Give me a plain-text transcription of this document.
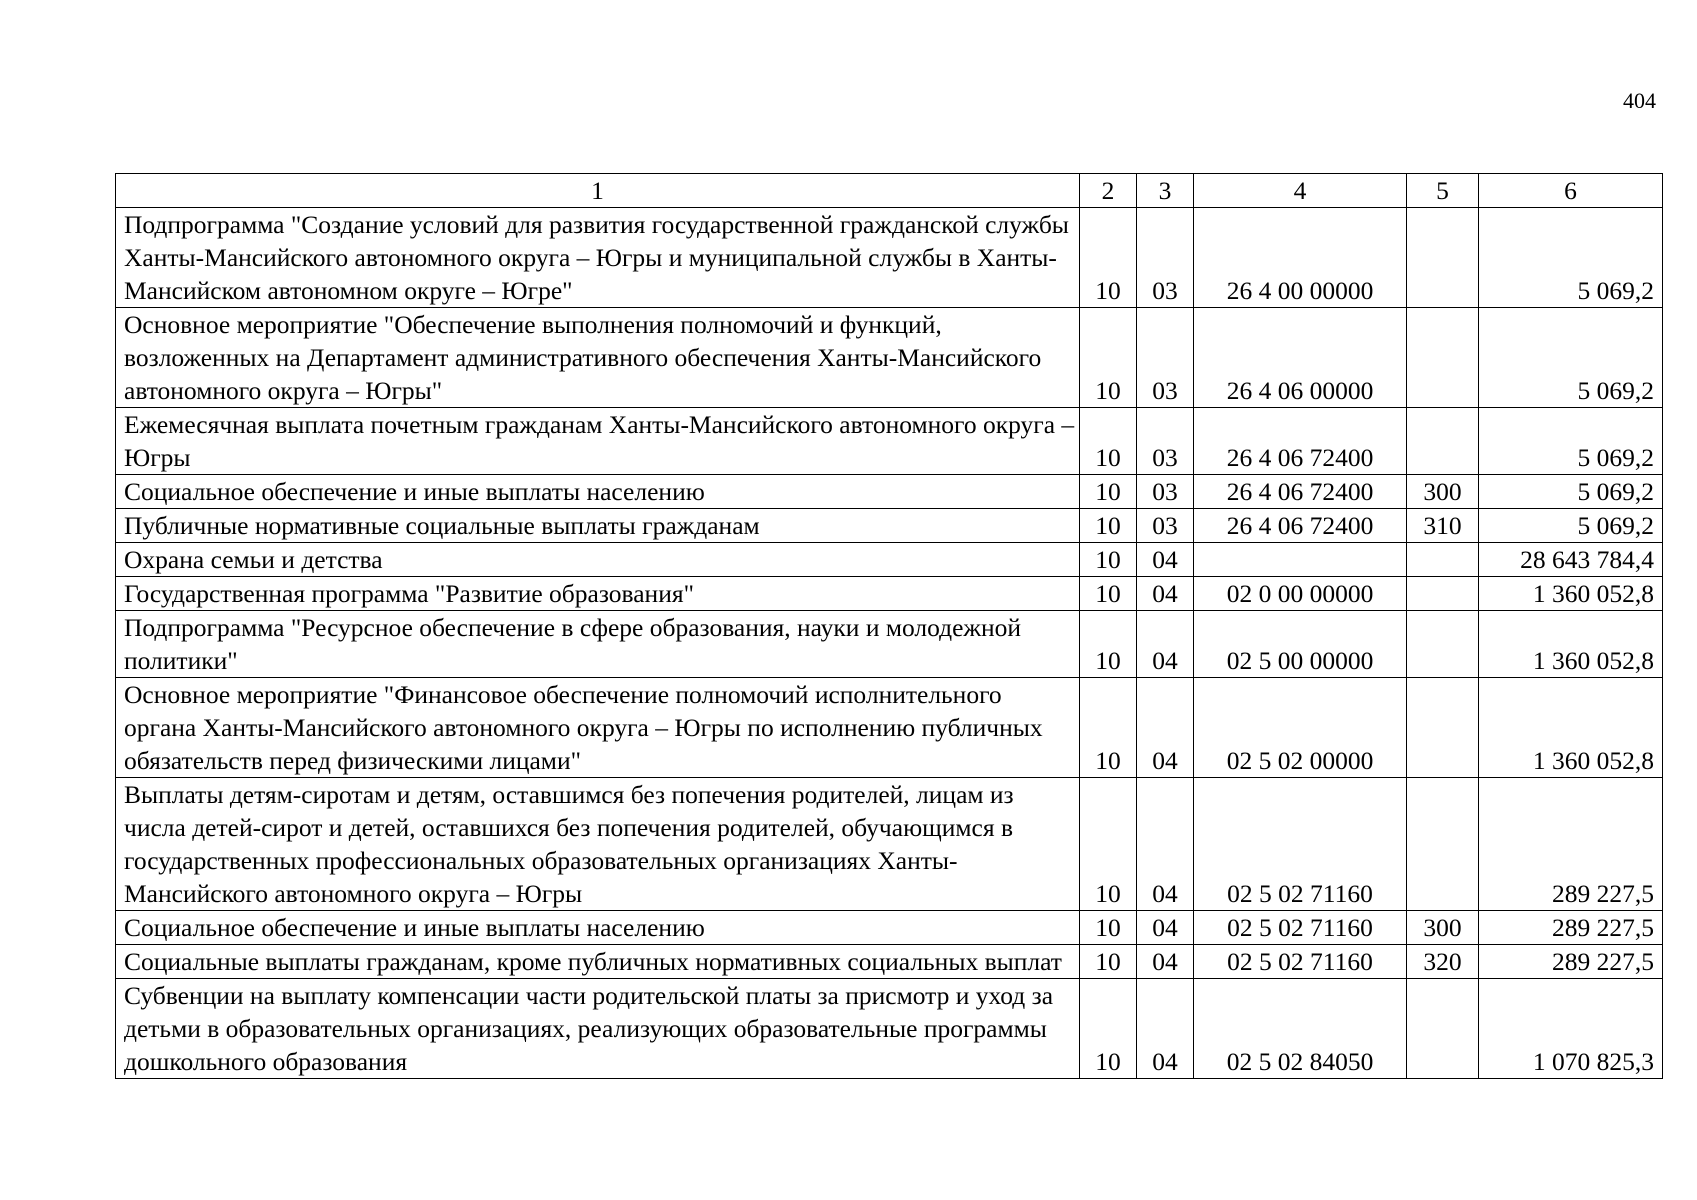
404
1	2	3	4	5	6
Подпрограмма "Создание условий для развития государственной гражданской службы Ханты-Мансийского автономного округа – Югры и муниципальной службы в Ханты-Мансийском автономном округе – Югре"	10	03	26 4 00 00000		5 069,2
Основное мероприятие "Обеспечение выполнения полномочий и функций, возложенных на Департамент административного обеспечения Ханты-Мансийского автономного округа – Югры"	10	03	26 4 06 00000		5 069,2
Ежемесячная выплата почетным гражданам Ханты-Мансийского автономного округа – Югры	10	03	26 4 06 72400		5 069,2
Социальное обеспечение и иные выплаты населению	10	03	26 4 06 72400	300	5 069,2
Публичные нормативные социальные выплаты гражданам	10	03	26 4 06 72400	310	5 069,2
Охрана семьи и детства	10	04			28 643 784,4
Государственная программа "Развитие образования"	10	04	02 0 00 00000		1 360 052,8
Подпрограмма "Ресурсное обеспечение в сфере образования, науки и молодежной политики"	10	04	02 5 00 00000		1 360 052,8
Основное мероприятие "Финансовое обеспечение полномочий исполнительного органа Ханты-Мансийского автономного округа – Югры по исполнению публичных обязательств перед физическими лицами"	10	04	02 5 02 00000		1 360 052,8
Выплаты детям-сиротам и детям, оставшимся без попечения родителей, лицам из числа детей-сирот и детей, оставшихся без попечения родителей, обучающимся в государственных профессиональных образовательных организациях Ханты-Мансийского автономного округа – Югры	10	04	02 5 02 71160		289 227,5
Социальное обеспечение и иные выплаты населению	10	04	02 5 02 71160	300	289 227,5
Социальные выплаты гражданам, кроме публичных нормативных социальных выплат	10	04	02 5 02 71160	320	289 227,5
Субвенции на выплату компенсации части родительской платы за присмотр и уход за детьми в образовательных организациях, реализующих образовательные программы дошкольного образования	10	04	02 5 02 84050		1 070 825,3
